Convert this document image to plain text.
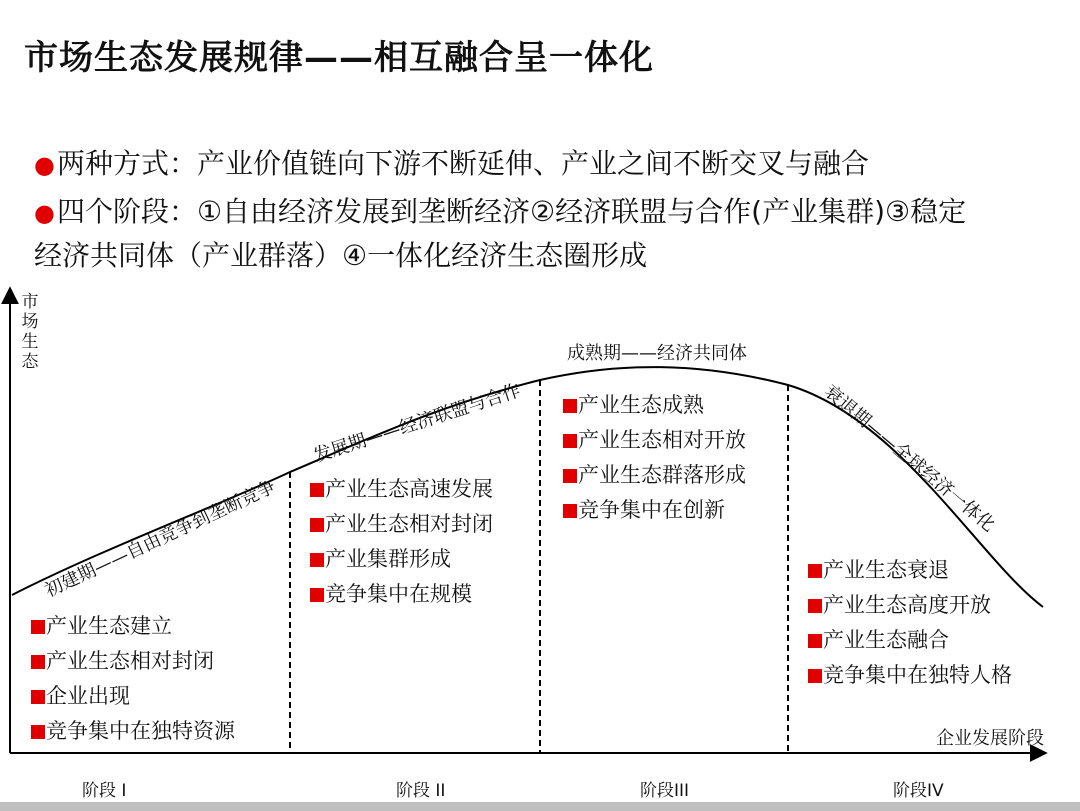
市场生态发展规律——相互融合呈一体化
●两种方式：产业价值链向下游不断延伸、产业之间不断交叉与融合
●四个阶段：①自由经济发展到垄断经济②经济联盟与合作(产业集群)③稳定
经济共同体（产业群落）④一体化经济生态圈形成
市场生态
企业发展阶段
初建期——自由竞争到垄断竞争
发展期——经济联盟与合作
成熟期——经济共同体
衰退期——全球经济一体化
产业生态建立
产业生态相对封闭
企业出现
竞争集中在独特资源
产业生态高速发展
产业生态相对封闭
产业集群形成
竞争集中在规模
产业生态成熟
产业生态相对开放
产业生态群落形成
竞争集中在创新
产业生态衰退
产业生态高度开放
产业生态融合
竞争集中在独特人格
阶段 I	阶段 II	阶段III	阶段IV
